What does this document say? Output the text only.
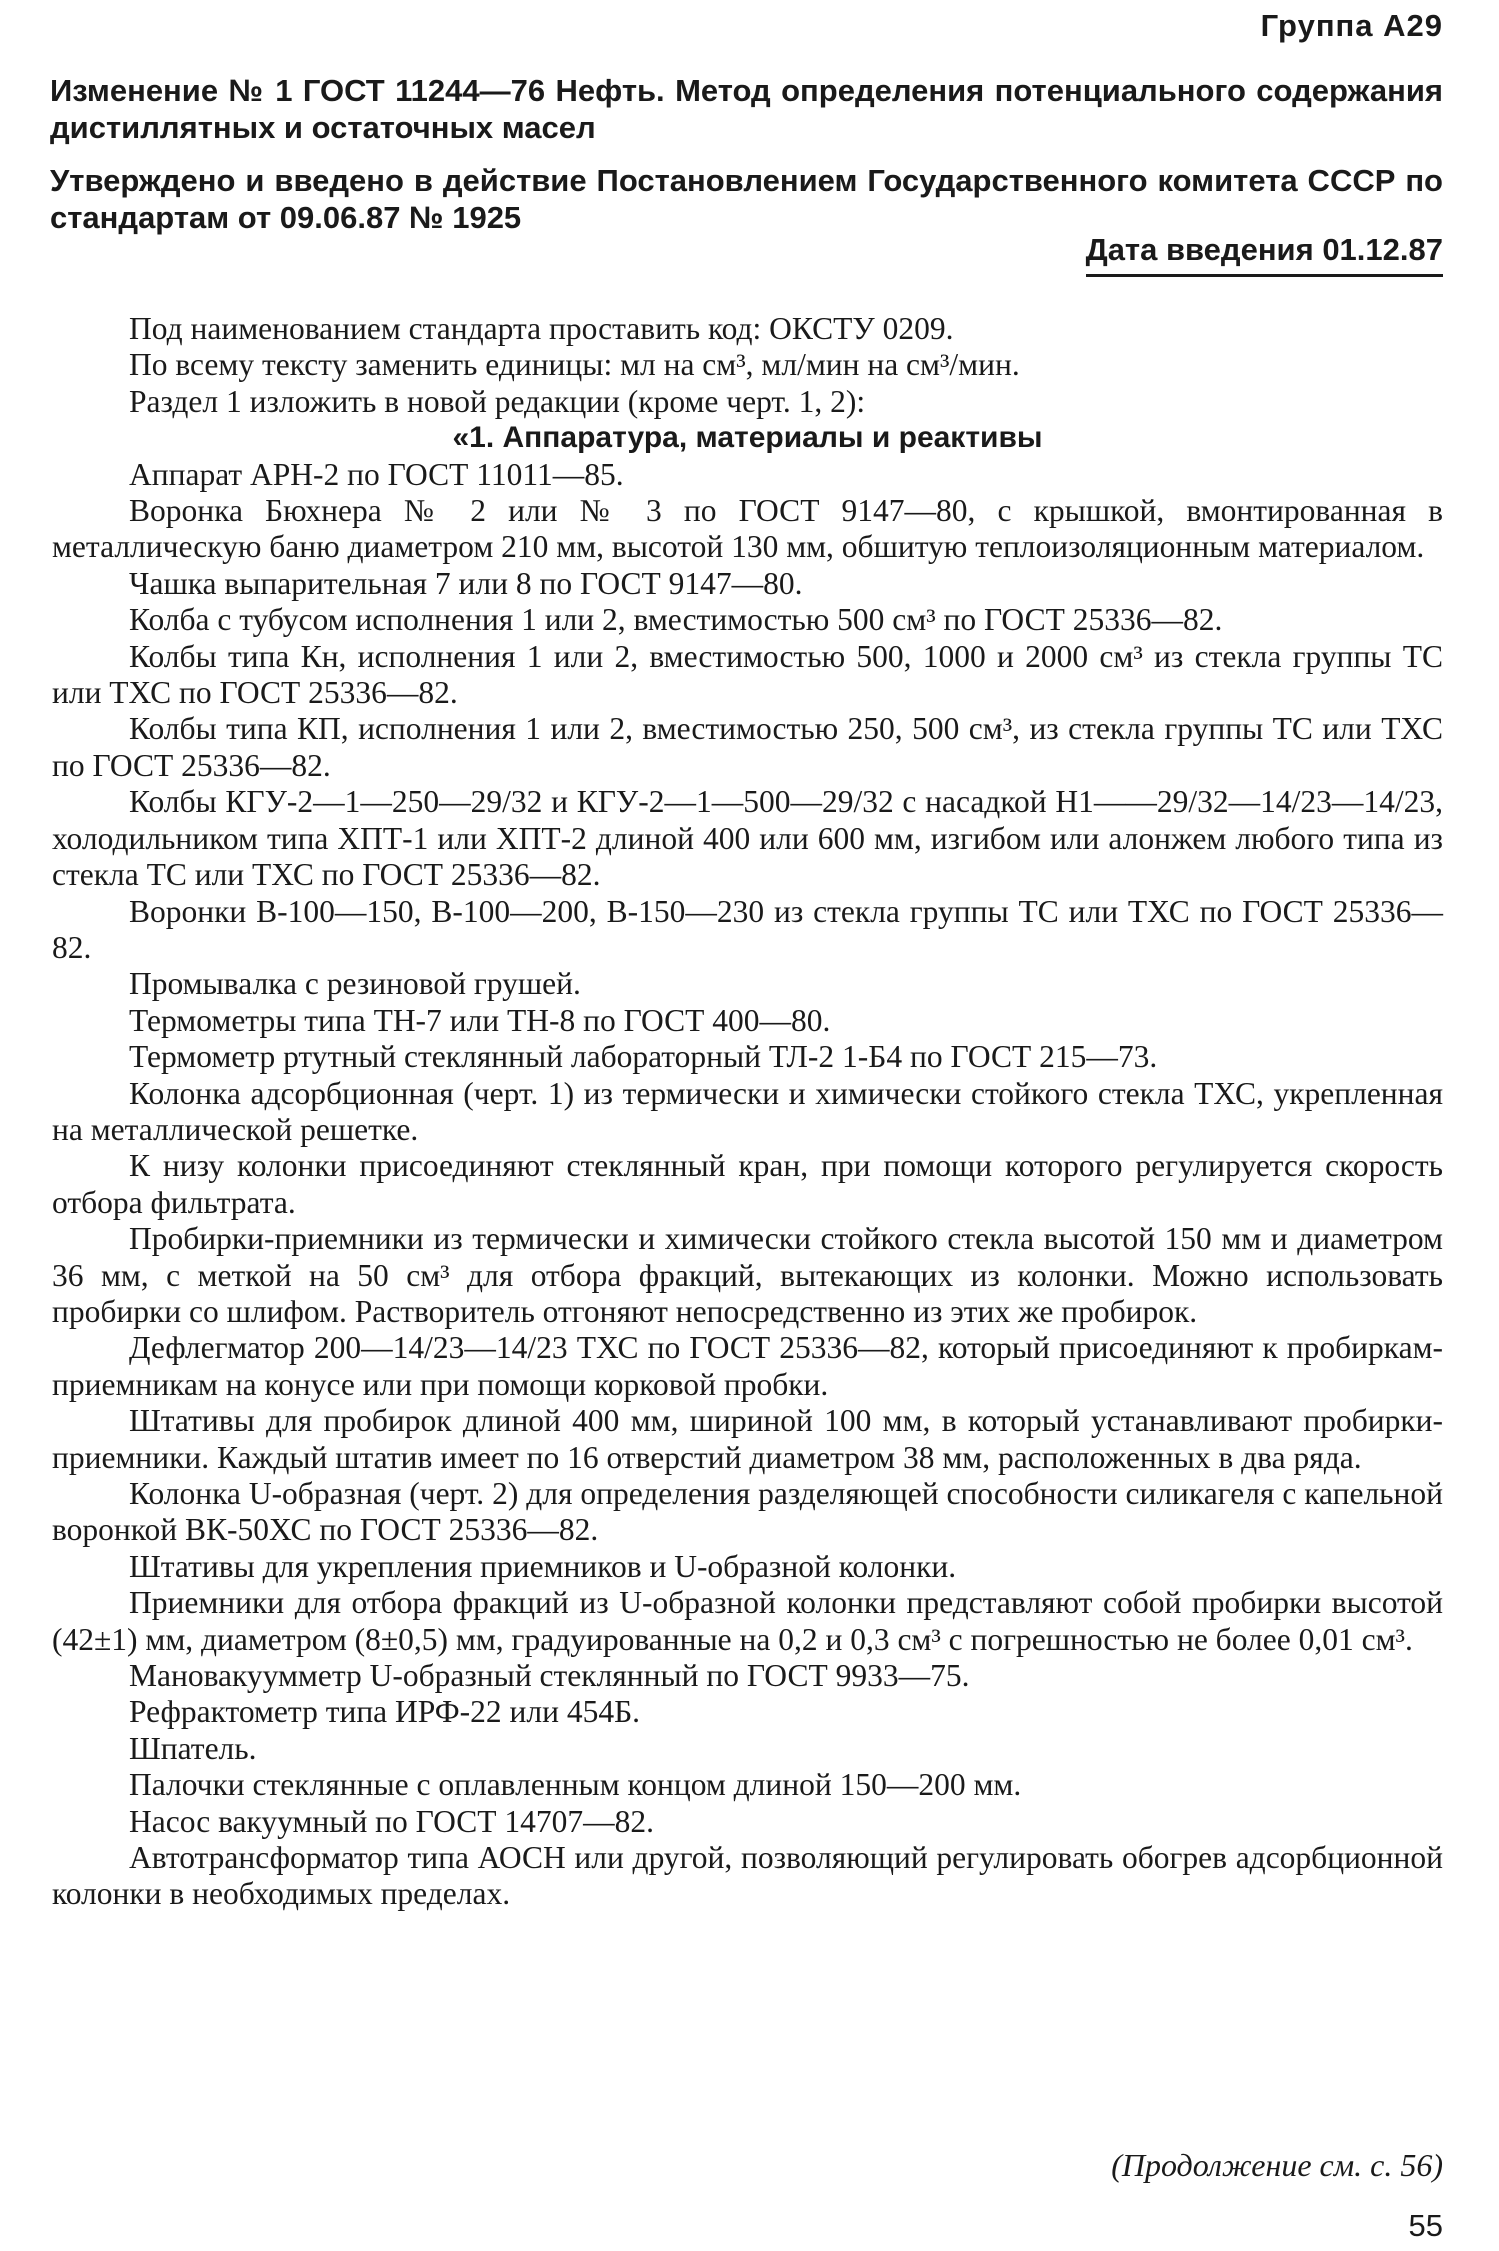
Группа А29
Изменение № 1 ГОСТ 11244—76 Нефть. Метод определения потенциального содержания дистиллятных и остаточных масел
Утверждено и введено в действие Постановлением Государственного комитета СССР по стандартам от 09.06.87 № 1925
Дата введения 01.12.87

Под наименованием стандарта проставить код: ОКСТУ 0209.

По всему тексту заменить единицы: мл на см³, мл/мин на см³/мин.

Раздел 1 изложить в новой редакции (кроме черт. 1, 2):

«1. Аппаратура, материалы и реактивы

Аппарат АРН-2 по ГОСТ 11011—85.

Воронка Бюхнера № 2 или № 3 по ГОСТ 9147—80, с крышкой, вмонтированная в металлическую баню диаметром 210 мм, высотой 130 мм, обшитую теплоизоляционным материалом.

Чашка выпарительная 7 или 8 по ГОСТ 9147—80.

Колба с тубусом исполнения 1 или 2, вместимостью 500 см³ по ГОСТ 25336—82.

Колбы типа Кн, исполнения 1 или 2, вместимостью 500, 1000 и 2000 см³ из стекла группы ТС или ТХС по ГОСТ 25336—82.

Колбы типа КП, исполнения 1 или 2, вместимостью 250, 500 см³, из стекла группы ТС или ТХС по ГОСТ 25336—82.

Колбы КГУ-2—1—250—29/32 и КГУ-2—1—500—29/32 с насадкой Н1——29/32—14/23—14/23, холодильником типа ХПТ-1 или ХПТ-2 длиной 400 или 600 мм, изгибом или алонжем любого типа из стекла ТС или ТХС по ГОСТ 25336—82.

Воронки В-100—150, В-100—200, В-150—230 из стекла группы ТС или ТХС по ГОСТ 25336—82.

Промывалка с резиновой грушей.

Термометры типа ТН-7 или ТН-8 по ГОСТ 400—80.

Термометр ртутный стеклянный лабораторный ТЛ-2 1-Б4 по ГОСТ 215—73.

Колонка адсорбционная (черт. 1) из термически и химически стойкого стекла ТХС, укрепленная на металлической решетке.

К низу колонки присоединяют стеклянный кран, при помощи которого регулируется скорость отбора фильтрата.

Пробирки-приемники из термически и химически стойкого стекла высотой 150 мм и диаметром 36 мм, с меткой на 50 см³ для отбора фракций, вытекающих из колонки. Можно использовать пробирки со шлифом. Растворитель отгоняют непосредственно из этих же пробирок.

Дефлегматор 200—14/23—14/23 ТХС по ГОСТ 25336—82, который присоединяют к пробиркам-приемникам на конусе или при помощи корковой пробки.

Штативы для пробирок длиной 400 мм, шириной 100 мм, в который устанавливают пробирки-приемники. Каждый штатив имеет по 16 отверстий диаметром 38 мм, расположенных в два ряда.

Колонка U-образная (черт. 2) для определения разделяющей способности силикагеля с капельной воронкой ВК-50ХС по ГОСТ 25336—82.

Штативы для укрепления приемников и U-образной колонки.

Приемники для отбора фракций из U-образной колонки представляют собой пробирки высотой (42±1) мм, диаметром (8±0,5) мм, градуированные на 0,2 и 0,3 см³ с погрешностью не более 0,01 см³.

Мановакуумметр U-образный стеклянный по ГОСТ 9933—75.

Рефрактометр типа ИРФ-22 или 454Б.

Шпатель.

Палочки стеклянные с оплавленным концом длиной 150—200 мм.

Насос вакуумный по ГОСТ 14707—82.

Автотрансформатор типа АОСН или другой, позволяющий регулировать обогрев адсорбционной колонки в необходимых пределах.

(Продолжение см. с. 56)
55
